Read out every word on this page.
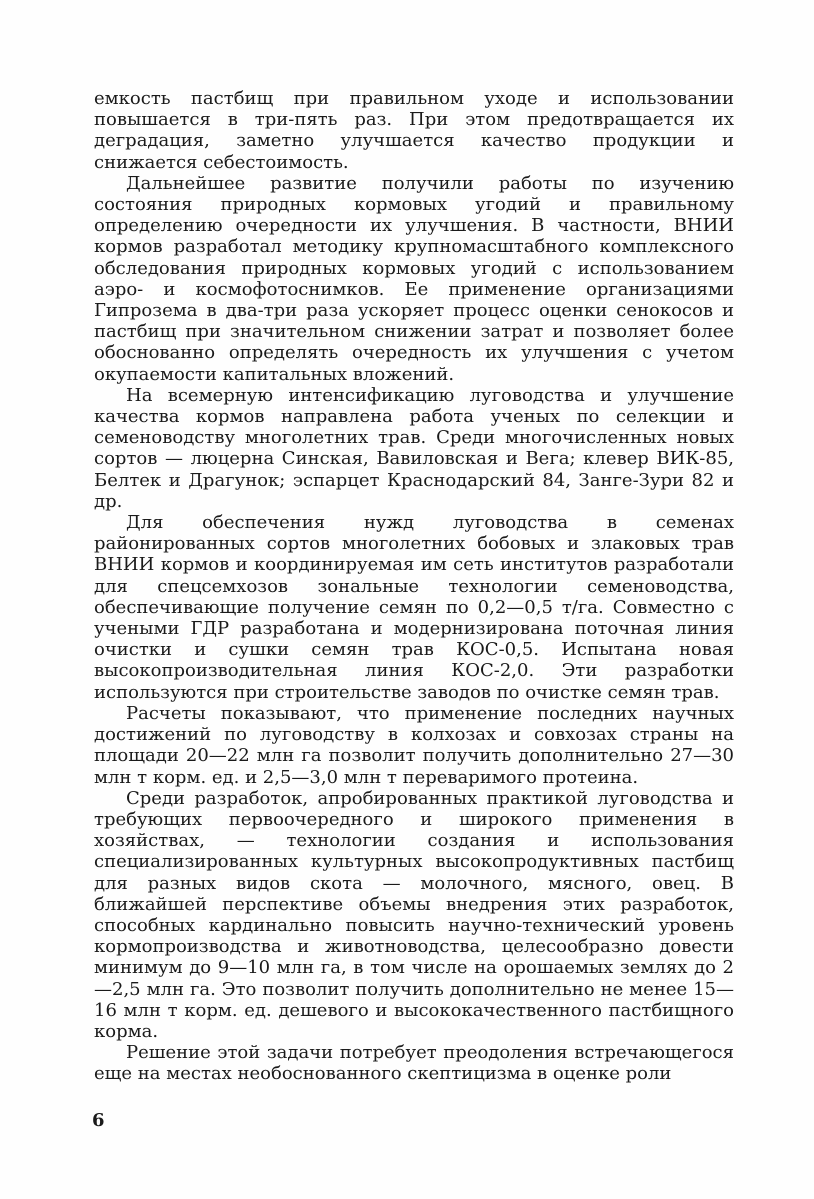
емкость пастбищ при правильном уходе и использовании повышается в три-пять раз. При этом предотвращается их деградация, заметно улучшается качество продукции и снижается себестоимость.

Дальнейшее развитие получили работы по изучению состояния природных кормовых угодий и правильному определению очередности их улучшения. В частности, ВНИИ кормов разработал методику крупномасштабного комплексного обследования природных кормовых угодий с использованием аэро- и космофотоснимков. Ее применение организациями Гипрозема в два-три раза ускоряет процесс оценки сенокосов и пастбищ при значительном снижении затрат и позволяет более обоснованно определять очередность их улучшения с учетом окупаемости капитальных вложений.

На всемерную интенсификацию луговодства и улучшение качества кормов направлена работа ученых по селекции и семеноводству многолетних трав. Среди многочисленных новых сортов — люцерна Синская, Вавиловская и Вега; клевер ВИК-85, Белтек и Драгунок; эспарцет Краснодарский 84, Занге-Зури 82 и др.

Для обеспечения нужд луговодства в семенах районированных сортов многолетних бобовых и злаковых трав ВНИИ кормов и координируемая им сеть институтов разработали для спецсемхозов зональные технологии семеноводства, обеспечивающие получение семян по 0,2—0,5 т/га. Совместно с учеными ГДР разработана и модернизирована поточная линия очистки и сушки семян трав КОС-0,5. Испытана новая высокопроизводительная линия КОС-2,0. Эти разработки используются при строительстве заводов по очистке семян трав.

Расчеты показывают, что применение последних научных достижений по луговодству в колхозах и совхозах страны на площади 20—22 млн га позволит получить дополнительно 27—30 млн т корм. ед. и 2,5—3,0 млн т переваримого протеина.

Среди разработок, апробированных практикой луговодства и требующих первоочередного и широкого применения в хозяйствах, — технологии создания и использования специализированных культурных высокопродуктивных пастбищ для разных видов скота — молочного, мясного, овец. В ближайшей перспективе объемы внедрения этих разработок, способных кардинально повысить научно-технический уровень кормопроизводства и животноводства, целесообразно довести минимум до 9—10 млн га, в том числе на орошаемых землях до 2—2,5 млн га. Это позволит получить дополнительно не менее 15—16 млн т корм. ед. дешевого и высококачественного пастбищного корма.

Решение этой задачи потребует преодоления встречающегося еще на местах необоснованного скептицизма в оценке роли

6
